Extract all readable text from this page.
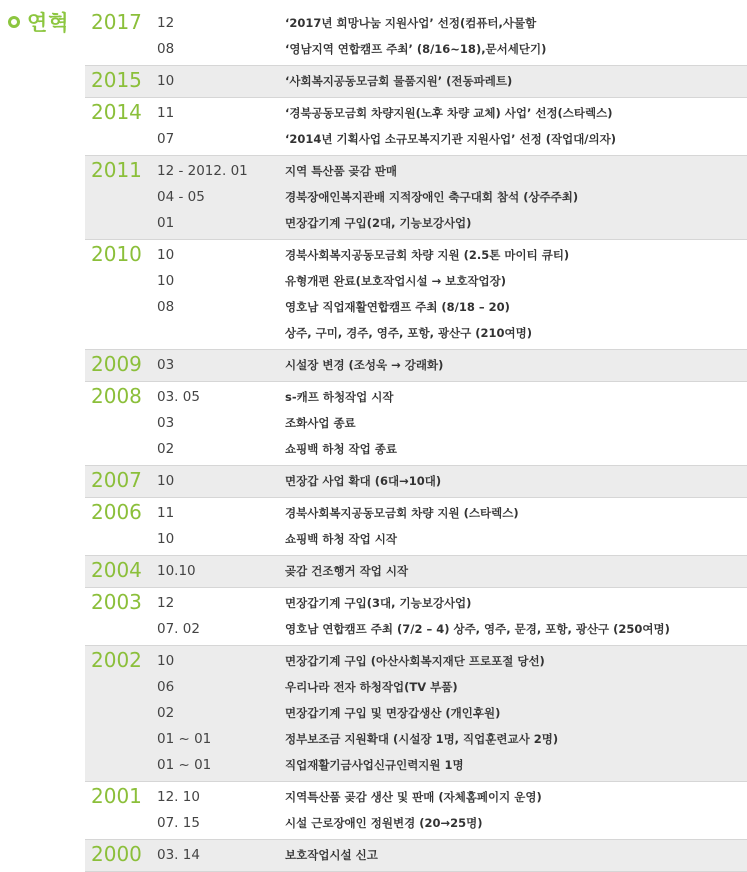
연혁 2017	12	‘2017년 희망나눔 지원사업’ 선정(컴퓨터,사물함
08	‘영남지역 연합캠프 주최’ (8/16~18),문서세단기)
2015	10	‘사회복지공동모금회 물품지원’ (전동파레트)
2014	11	‘경북공동모금회 차량지원(노후 차량 교체) 사업’ 선정(스타렉스)
07	‘2014년 기획사업 소규모복지기관 지원사업’ 선정 (작업대/의자)
2011	12 - 2012. 01	지역 특산품 곶감 판매
04 - 05	경북장애인복지관배 지적장애인 축구대회 참석 (상주주최)
01	면장갑기계 구입(2대, 기능보강사업)
2010	10	경북사회복지공동모금회 차량 지원 (2.5톤 마이티 큐티)
10	유형개편 완료(보호작업시설 → 보호작업장)
08	영호남 직업재활연합캠프 주최 (8/18 – 20)
상주, 구미, 경주, 영주, 포항, 광산구 (210여명)
2009	03	시설장 변경 (조성욱 → 강래화)
2008	03. 05	s-캐프 하청작업 시작
03	조화사업 종료
02	쇼핑백 하청 작업 종료
2007	10	면장갑 사업 확대 (6대→10대)
2006	11	경북사회복지공동모금회 차량 지원 (스타렉스)
10	쇼핑백 하청 작업 시작
2004	10.10	곶감 건조행거 작업 시작
2003	12	면장갑기계 구입(3대, 기능보강사업)
07. 02	영호남 연합캠프 주최 (7/2 – 4) 상주, 영주, 문경, 포항, 광산구 (250여명)
2002	10	면장갑기계 구입 (아산사회복지재단 프로포절 당선)
06	우리나라 전자 하청작업(TV 부품)
02	면장갑기계 구입 및 면장갑생산 (개인후원)
01 ~ 01	정부보조금 지원확대 (시설장 1명, 직업훈련교사 2명)
01 ~ 01	직업재활기금사업신규인력지원 1명
2001	12. 10	지역특산품 곶감 생산 및 판매 (자체홈페이지 운영)
07. 15	시설 근로장애인 정원변경 (20→25명)
2000	03. 14	보호작업시설 신고
